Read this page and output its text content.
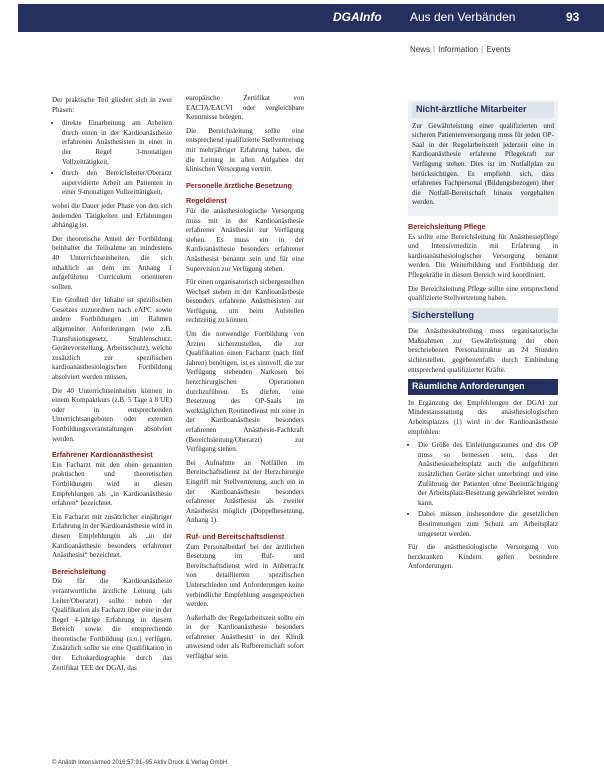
DGAInfo Aus den Verbänden	93
News | Information | Events

Der praktische Teil gliedert sich in zwei Phasen:

• direkte Einarbeitung am Arbeiten durch einen in der Kardioanästhesie erfahrenen Anästhesisten in einer in der Regel 3-monatigen Vollzeittätigkeit,
• durch den Bereichsleiter/Oberarzt supervidierte Arbeit am Patienten in einer 9-monatigen Vollzeittätigkeit,

wobei die Dauer jeder Phase von den sich ändernden Tätigkeiten und Erfahrungen abhängig ist.

Der theoretische Anteil der Fortbildung beinhaltet die Teilnahme an mindestens 40 Unterrichtseinheiten, die sich inhaltlich an dem im Anhang 1 aufgeführten Curriculum orientieren sollten.

Ein Großteil der Inhalte ist spezifischen Gesetzes zuzuordnen nach eAPC sowie andere Fortbildungen im Rahmen allgemeiner Anforderungen (wie z.B. Transfusionsgesetz, Strahlenschutz, Gerätevorstellung, Arbeitsschutz), welche zusätzlich zur spezifischen kardioanästhesiologischen Fortbildung absolviert werden müssen.

Die 40 Unterrichtseinheiten können in einem Kompaktkurs (z.B. 5 Tage à 8 UE) oder in entsprechenden Unterrichtsangeboten oder externen Fortbildungsveranstaltungen absolviert werden.

Erfahrener Kardioanästhesist

Ein Facharzt mit den oben genannten praktischen und theoretischen Fortbildungen wird in diesen Empfehlungen als „in Kardioanästhesie erfahren“ bezeichnet.

Ein Facharzt mit zusätzlicher einjähriger Erfahrung in der Kardioanästhesie wird in diesen Empfehlungen als „in der Kardioanästhesie besonders erfahrener Anästhesist“ bezeichnet.

Bereichsleitung

Die für die Kardioanästhesie verantwortliche ärztliche Leitung (als Leiter/Oberarzt) sollte neben der Qualifikation als Facharzt über eine in der Regel 4-jährige Erfahrung in diesem Bereich sowie die entsprechende theoretische Fortbildung (s.o.) verfügen. Zusätzlich sollte sie eine Qualifikation in der Echokardiographie durch das Zertifikat TEE der DGAI, das

europäische Zertifikat von EACTA/EACVI oder vergleichbare Kenntnisse belegen.

Die Bereichsleitung sollte eine entsprechend qualifizierte Stellvertretung mit mehrjähriger Erfahrung haben, die die Leitung in allen Aufgaben der klinischen Versorgung vertritt.

Personelle ärztliche Besetzung
Regeldienst

Für die anästhesiologische Versorgung muss mit in der Kardioanästhesie erfahrener Anästhesist zur Verfügung stehen. Es muss ein in der Kardioanästhesie besonders erfahrener Anästhesist benannt sein und für eine Supervision zur Verfügung stehen.

Für einen organisatorisch sichergestellten Wechsel stehen in der Kardioanästhesie besonders erfahrene Anästhesisten zur Verfügung, um beim Aufstellen rechtzeitig zu können.

Um die notwendige Fortbildung von Ärzten sicherzustellen, die zur Qualifikation einen Facharzt (nach fünf Jahren) benötigen, ist es sinnvoll, die zur Verfügung stehenden Narkosen bei herzchirurgischen Operationen durchzuführen. Es dürfen, eine Besetzung des OP-Saals im werktäglichen Routinedienst mit einer in der Kardioanästhesie besonders erfahrenen Anästhesie-Fachkraft (Bereichsleitung/Oberarzt) zur Verfügung stehen.

Bei Aufnahme an Notfällen im Bereitschaftsdienst ist der Herzchirurgie Eingriff mit Stellvertretung, auch ein in der Kardioanästhesie besonders erfahrener Anästhesist als zweiter Anästhesist möglich (Doppelbesetzung, Anhang 1).

Ruf- und Bereitschaftsdienst

Zum Personalbedarf bei der ärztlichen Besetzung im Ruf- und Bereitschaftsdienst wird in Anbetracht von detaillierten spezifischen Unterschieden und Anforderungen keine verbindliche Empfehlung ausgesprochen werden.

Außerhalb der Regelarbeitszeit sollte ein in der Kardioanästhesie besonders erfahrener Anästhesist in der Klinik anwesend oder als Rufbereitschaft sofort verfügbar sein.

Nicht-ärztliche Mitarbeiter

Zur Gewährleistung einer qualifizierten und sicheren Patientenversorgung muss für jeden OP-Saal in der Regelarbeitszeit jederzeit eine in Kardioanästhesie erfahrene Pflegekraft zur Verfügung stehen. Dies ist im Notfallplan zu berücksichtigen. Es empfiehlt sich, dass erfahrenes Fachpersonal (Bildungsbezogen) über die Notfall-Bereitschaft hinaus vorgehalten werden.

Bereichsleitung Pflege

Es sollte eine Bereichsleitung für Anästhesiepflege und Intensivmedizin mit Erfahrung in kardioanästhesiologischer Versorgung benannt werden. Die Weiterbildung und Fortbildung der Pflegekräfte in diesem Bereich wird koordiniert.

Die Bereichsleitung Pflege sollte eine entsprechend qualifizierte Stellvertretung haben.

Sicherstellung

Die Anästhesieabteilung muss organisatorische Maßnahmen zur Gewährleistung der oben beschriebenen Personalstruktur an 24 Stunden sicherstellen, gegebenenfalls durch Einbindung entsprechend qualifizierter Kräfte.

Räumliche Anforderungen

In Ergänzung der Empfehlungen der DGAI zur Mindestausstattung des anästhesiologischen Arbeitsplatzes (1) wird in der Kardioanästhesie empfohlen:

• Die Größe des Einleitungsraumes und des OP muss so bemessen sein, dass der Anästhesiearbeitsplatz auch die aufgeführten zusätzlichen Geräte sicher unterbringt und eine Zuführung der Patienten ohne Beeinträchtigung der Arbeitsplatz-Besetzung gewährleistet werden kann.
• Dabei müssen insbesondere die gesetzlichen Bestimmungen zum Schutz am Arbeitsplatz umgesetzt werden.

Für die anästhesiologische Versorgung von herzkranken Kindern gelten besondere Anforderungen.

© Anästh Intensivmed 2016;57:91–95 Aktiv Druck & Verlag GmbH
